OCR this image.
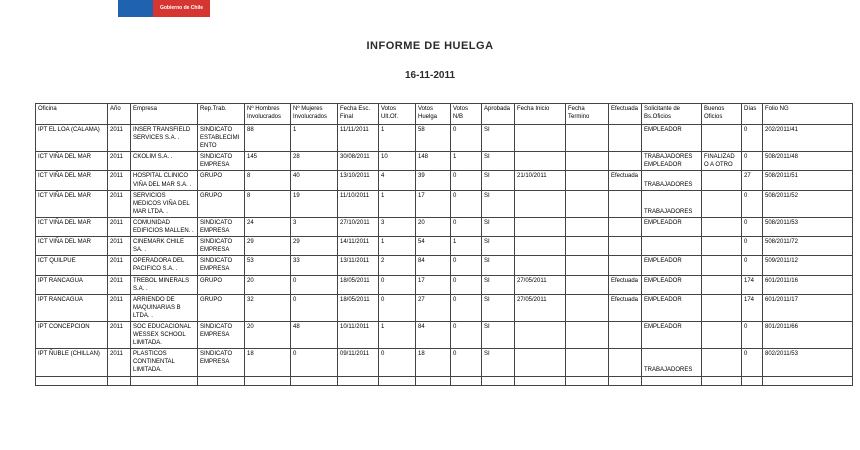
Gobierno de Chile
INFORME DE HUELGA
16-11-2011
Oficina	Año	Empresa	Rep.Trab.	Nº Hombres Involucrados	Nº Mujeres Involucrados	Fecha Esc. Final	Votos Ult.Of.	Votos Huelga	Votos N/B	Aprobada	Fecha Inicio	Fecha Termino	Efectuada	Solicitante de Bs.Oficios	Buenos Oficios	Días	Folio NG
IPT EL LOA (CALAMA)	2011	INSER TRANSFIELD SERVICES S.A. .	SINDICATO ESTABLECIMIENTO	88	1	11/11/2011	1	58	0	SI				EMPLEADOR		0	202/2011/41
ICT VIÑA DEL MAR	2011	CKOLIM S.A. .	SINDICATO EMPRESA	145	28	30/08/2011	10	148	1	SI				TRABAJADORES EMPLEADOR	FINALIZADO A OTRO	0	508/2011/48
ICT VIÑA DEL MAR	2011	HOSPITAL CLINICO VIÑA DEL MAR S.A. .	GRUPO	8	40	13/10/2011	4	39	0	SI	21/10/2011		Efectuada	TRABAJADORES		27	508/2011/51
ICT VIÑA DEL MAR	2011	SERVICIOS MEDICOS VIÑA DEL MAR LTDA. .	GRUPO	8	19	11/10/2011	1	17	0	SI				TRABAJADORES		0	508/2011/52
ICT VIÑA DEL MAR	2011	COMUNIDAD EDIFICIOS MALLEN. .	SINDICATO EMPRESA	24	3	27/10/2011	3	20	0	SI				EMPLEADOR		0	508/2011/53
ICT VIÑA DEL MAR	2011	CINEMARK CHILE SA. .	SINDICATO EMPRESA	29	29	14/11/2011	1	54	1	SI						0	508/2011/72
ICT QUILPUE	2011	OPERADORA DEL PACIFICO S.A. .	SINDICATO EMPRESA	53	33	13/11/2011	2	84	0	SI				EMPLEADOR		0	509/2011/12
IPT RANCAGUA	2011	TREBOL MINERALS S.A. .	GRUPO	20	0	18/05/2011	0	17	0	SI	27/05/2011		Efectuada	EMPLEADOR		174	601/2011/16
IPT RANCAGUA	2011	ARRIENDO DE MAQUINARIAS B LTDA. .	GRUPO	32	0	18/05/2011	0	27	0	SI	27/05/2011		Efectuada	EMPLEADOR		174	601/2011/17
IPT CONCEPCION	2011	SOC EDUCACIONAL WESSEX SCHOOL LIMITADA.	SINDICATO EMPRESA	20	48	10/11/2011	1	84	0	SI				EMPLEADOR		0	801/2011/66
IPT ÑUBLE (CHILLAN)	2011	PLASTICOS CONTINENTAL LIMITADA.	SINDICATO EMPRESA	18	0	09/11/2011	0	18	0	SI				TRABAJADORES		0	802/2011/53
